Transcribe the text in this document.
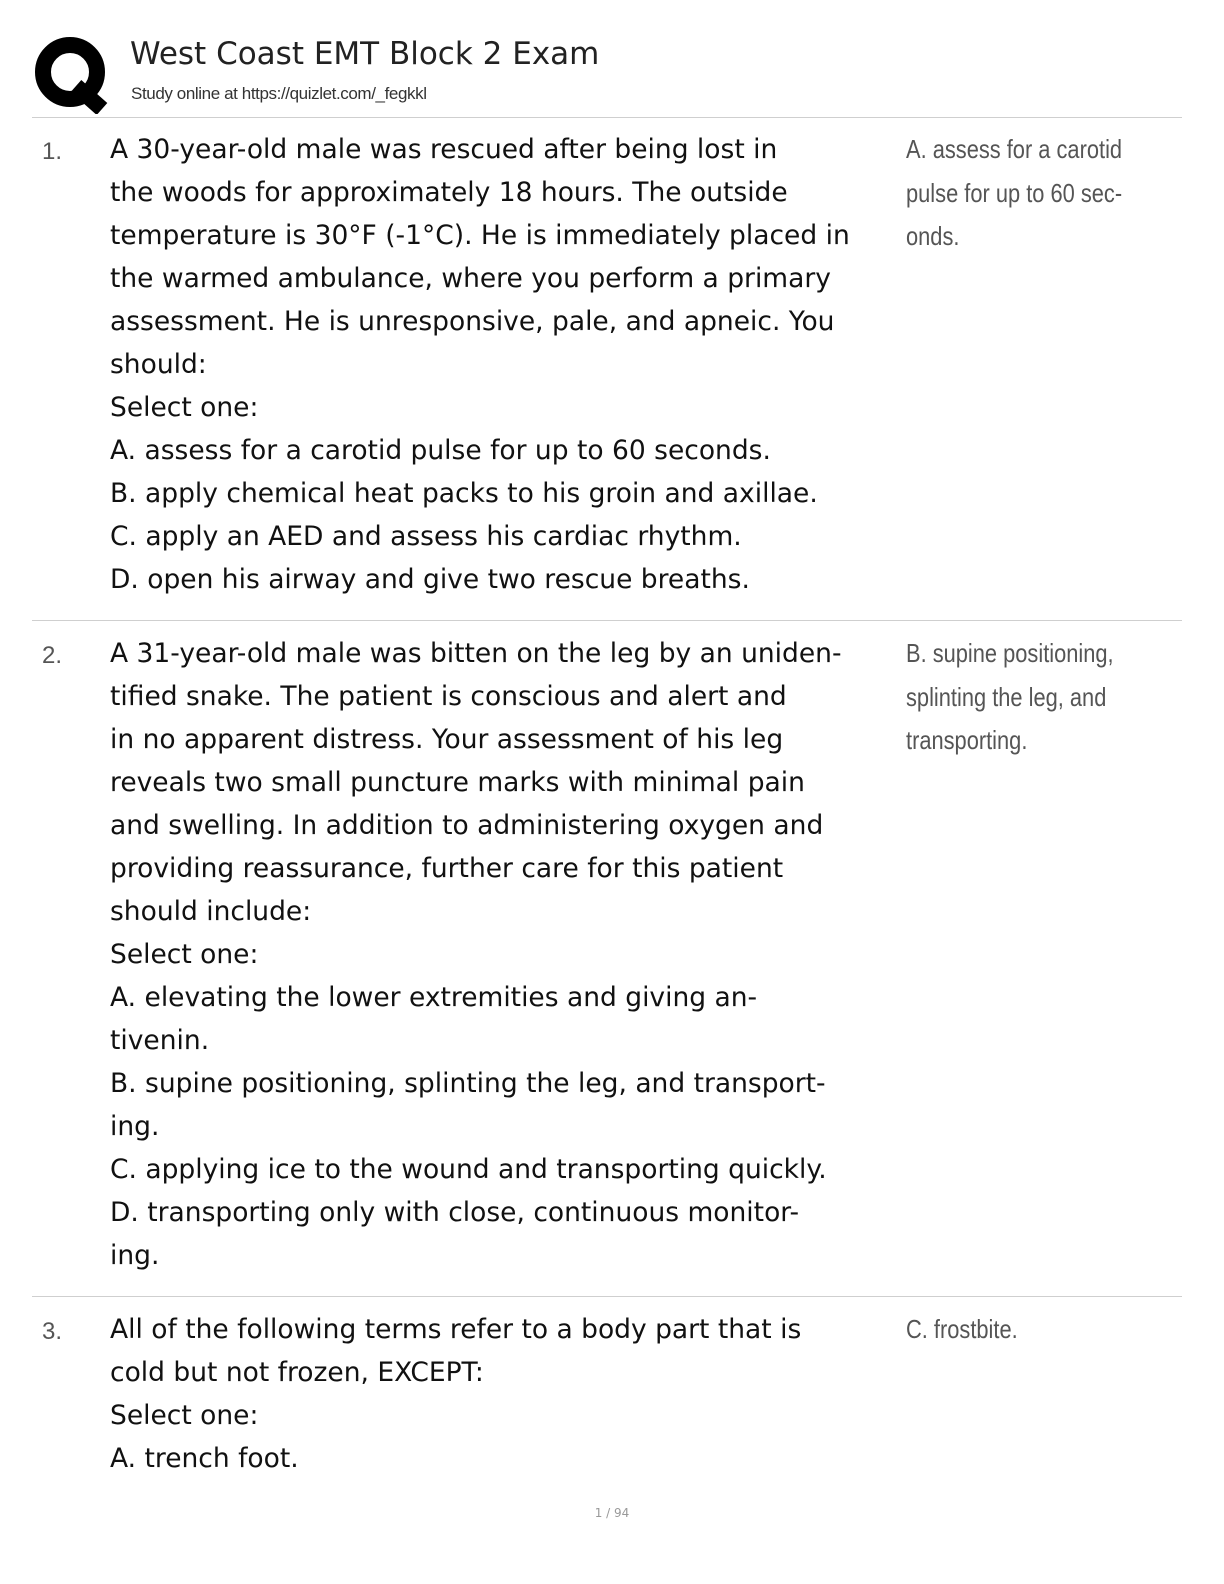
West Coast EMT Block 2 Exam
Study online at https://quizlet.com/_fegkkl
1. A 30-year-old male was rescued after being lost in
the woods for approximately 18 hours. The outside
temperature is 30°F (-1°C). He is immediately placed in
the warmed ambulance, where you perform a primary
assessment. He is unresponsive, pale, and apneic. You
should:
Select one:
A. assess for a carotid pulse for up to 60 seconds.
B. apply chemical heat packs to his groin and axillae.
C. apply an AED and assess his cardiac rhythm.
D. open his airway and give two rescue breaths.
A. assess for a carotid
pulse for up to 60 sec-
onds.
2. A 31-year-old male was bitten on the leg by an uniden-
tified snake. The patient is conscious and alert and
in no apparent distress. Your assessment of his leg
reveals two small puncture marks with minimal pain
and swelling. In addition to administering oxygen and
providing reassurance, further care for this patient
should include:
Select one:
A. elevating the lower extremities and giving an-
tivenin.
B. supine positioning, splinting the leg, and transport-
ing.
C. applying ice to the wound and transporting quickly.
D. transporting only with close, continuous monitor-
ing.
B. supine positioning,
splinting the leg, and
transporting.
3. All of the following terms refer to a body part that is
cold but not frozen, EXCEPT:
Select one:
A. trench foot.
C. frostbite.
1 / 94
